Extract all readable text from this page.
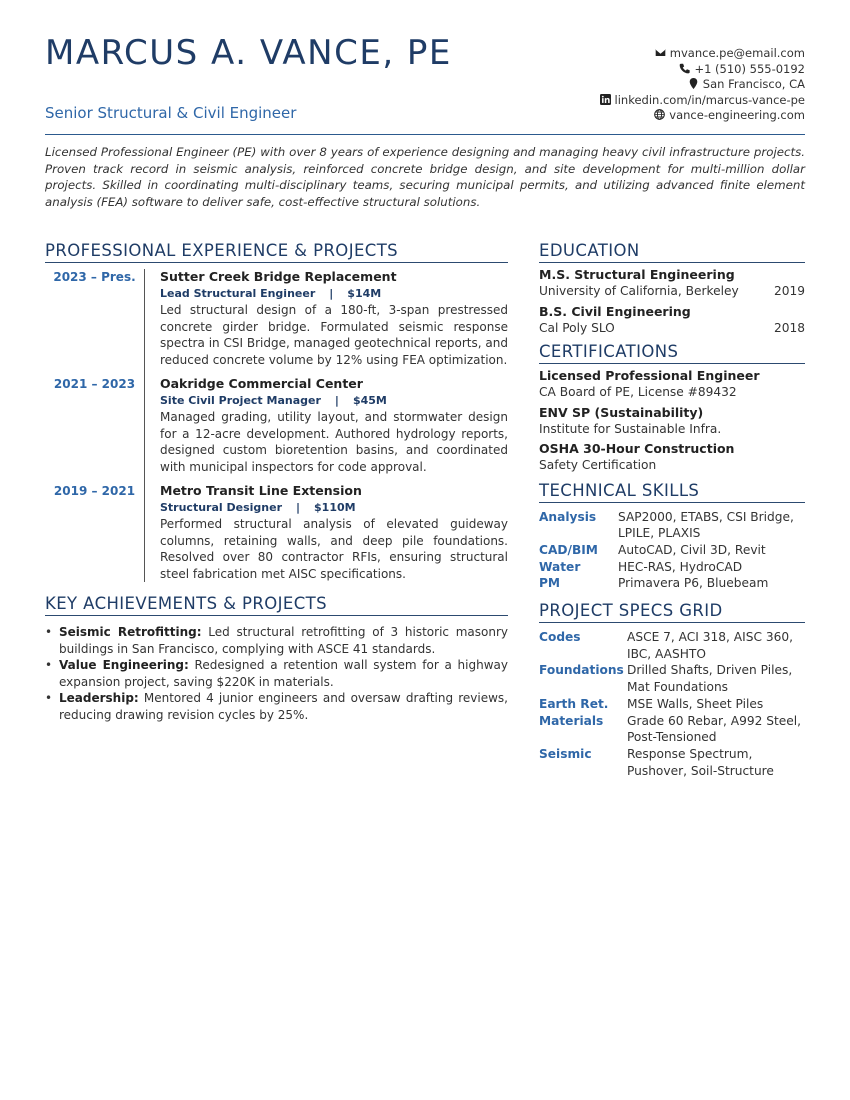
MARCUS A. VANCE, PE
Senior Structural & Civil Engineer
mvance.pe@email.com
+1 (510) 555-0192
San Francisco, CA
linkedin.com/in/marcus-vance-pe
vance-engineering.com

Licensed Professional Engineer (PE) with over 8 years of experience designing and managing heavy civil infrastructure projects. Proven track record in seismic analysis, reinforced concrete bridge design, and site development for multi-million dollar projects. Skilled in coordinating multi-disciplinary teams, securing municipal permits, and utilizing advanced finite element analysis (FEA) software to deliver safe, cost-effective structural solutions.

PROFESSIONAL EXPERIENCE & PROJECTS
2023 – Pres.	Sutter Creek Bridge Replacement
Lead Structural Engineer | $14M

Led structural design of a 180-ft, 3-span prestressed concrete girder bridge. Formulated seismic response spectra in CSI Bridge, managed geotechnical reports, and reduced concrete volume by 12% using FEA optimization.

2021 – 2023	Oakridge Commercial Center
Site Civil Project Manager | $45M

Managed grading, utility layout, and stormwater design for a 12-acre development. Authored hydrology reports, designed custom bioretention basins, and coordinated with municipal inspectors for code approval.

2019 – 2021	Metro Transit Line Extension
Structural Designer | $110M

Performed structural analysis of elevated guideway columns, retaining walls, and deep pile foundations. Resolved over 80 contractor RFIs, ensuring structural steel fabrication met AISC specifications.

KEY ACHIEVEMENTS & PROJECTS
• Seismic Retrofitting: Led structural retrofitting of 3 historic masonry buildings in San Francisco, complying with ASCE 41 standards.
• Value Engineering: Redesigned a retention wall system for a highway expansion project, saving $220K in materials.
• Leadership: Mentored 4 junior engineers and oversaw drafting reviews, reducing drawing revision cycles by 25%.
EDUCATION
M.S. Structural Engineering
University of California, Berkeley	2019
B.S. Civil Engineering
Cal Poly SLO	2018
CERTIFICATIONS
Licensed Professional Engineer
CA Board of PE, License #89432
ENV SP (Sustainability)
Institute for Sustainable Infra.
OSHA 30-Hour Construction
Safety Certification
TECHNICAL SKILLS
Analysis	SAP2000, ETABS, CSI Bridge, LPILE, PLAXIS
CAD/BIM	AutoCAD, Civil 3D, Revit
Water	HEC-RAS, HydroCAD
PM	Primavera P6, Bluebeam
PROJECT SPECS GRID
Codes	ASCE 7, ACI 318, AISC 360, IBC, AASHTO
Foundations Drilled Shafts, Driven Piles, Mat Foundations
Earth Ret.	MSE Walls, Sheet Piles
Materials	Grade 60 Rebar, A992 Steel, Post-Tensioned
Seismic	Response Spectrum, Pushover, Soil-Structure
